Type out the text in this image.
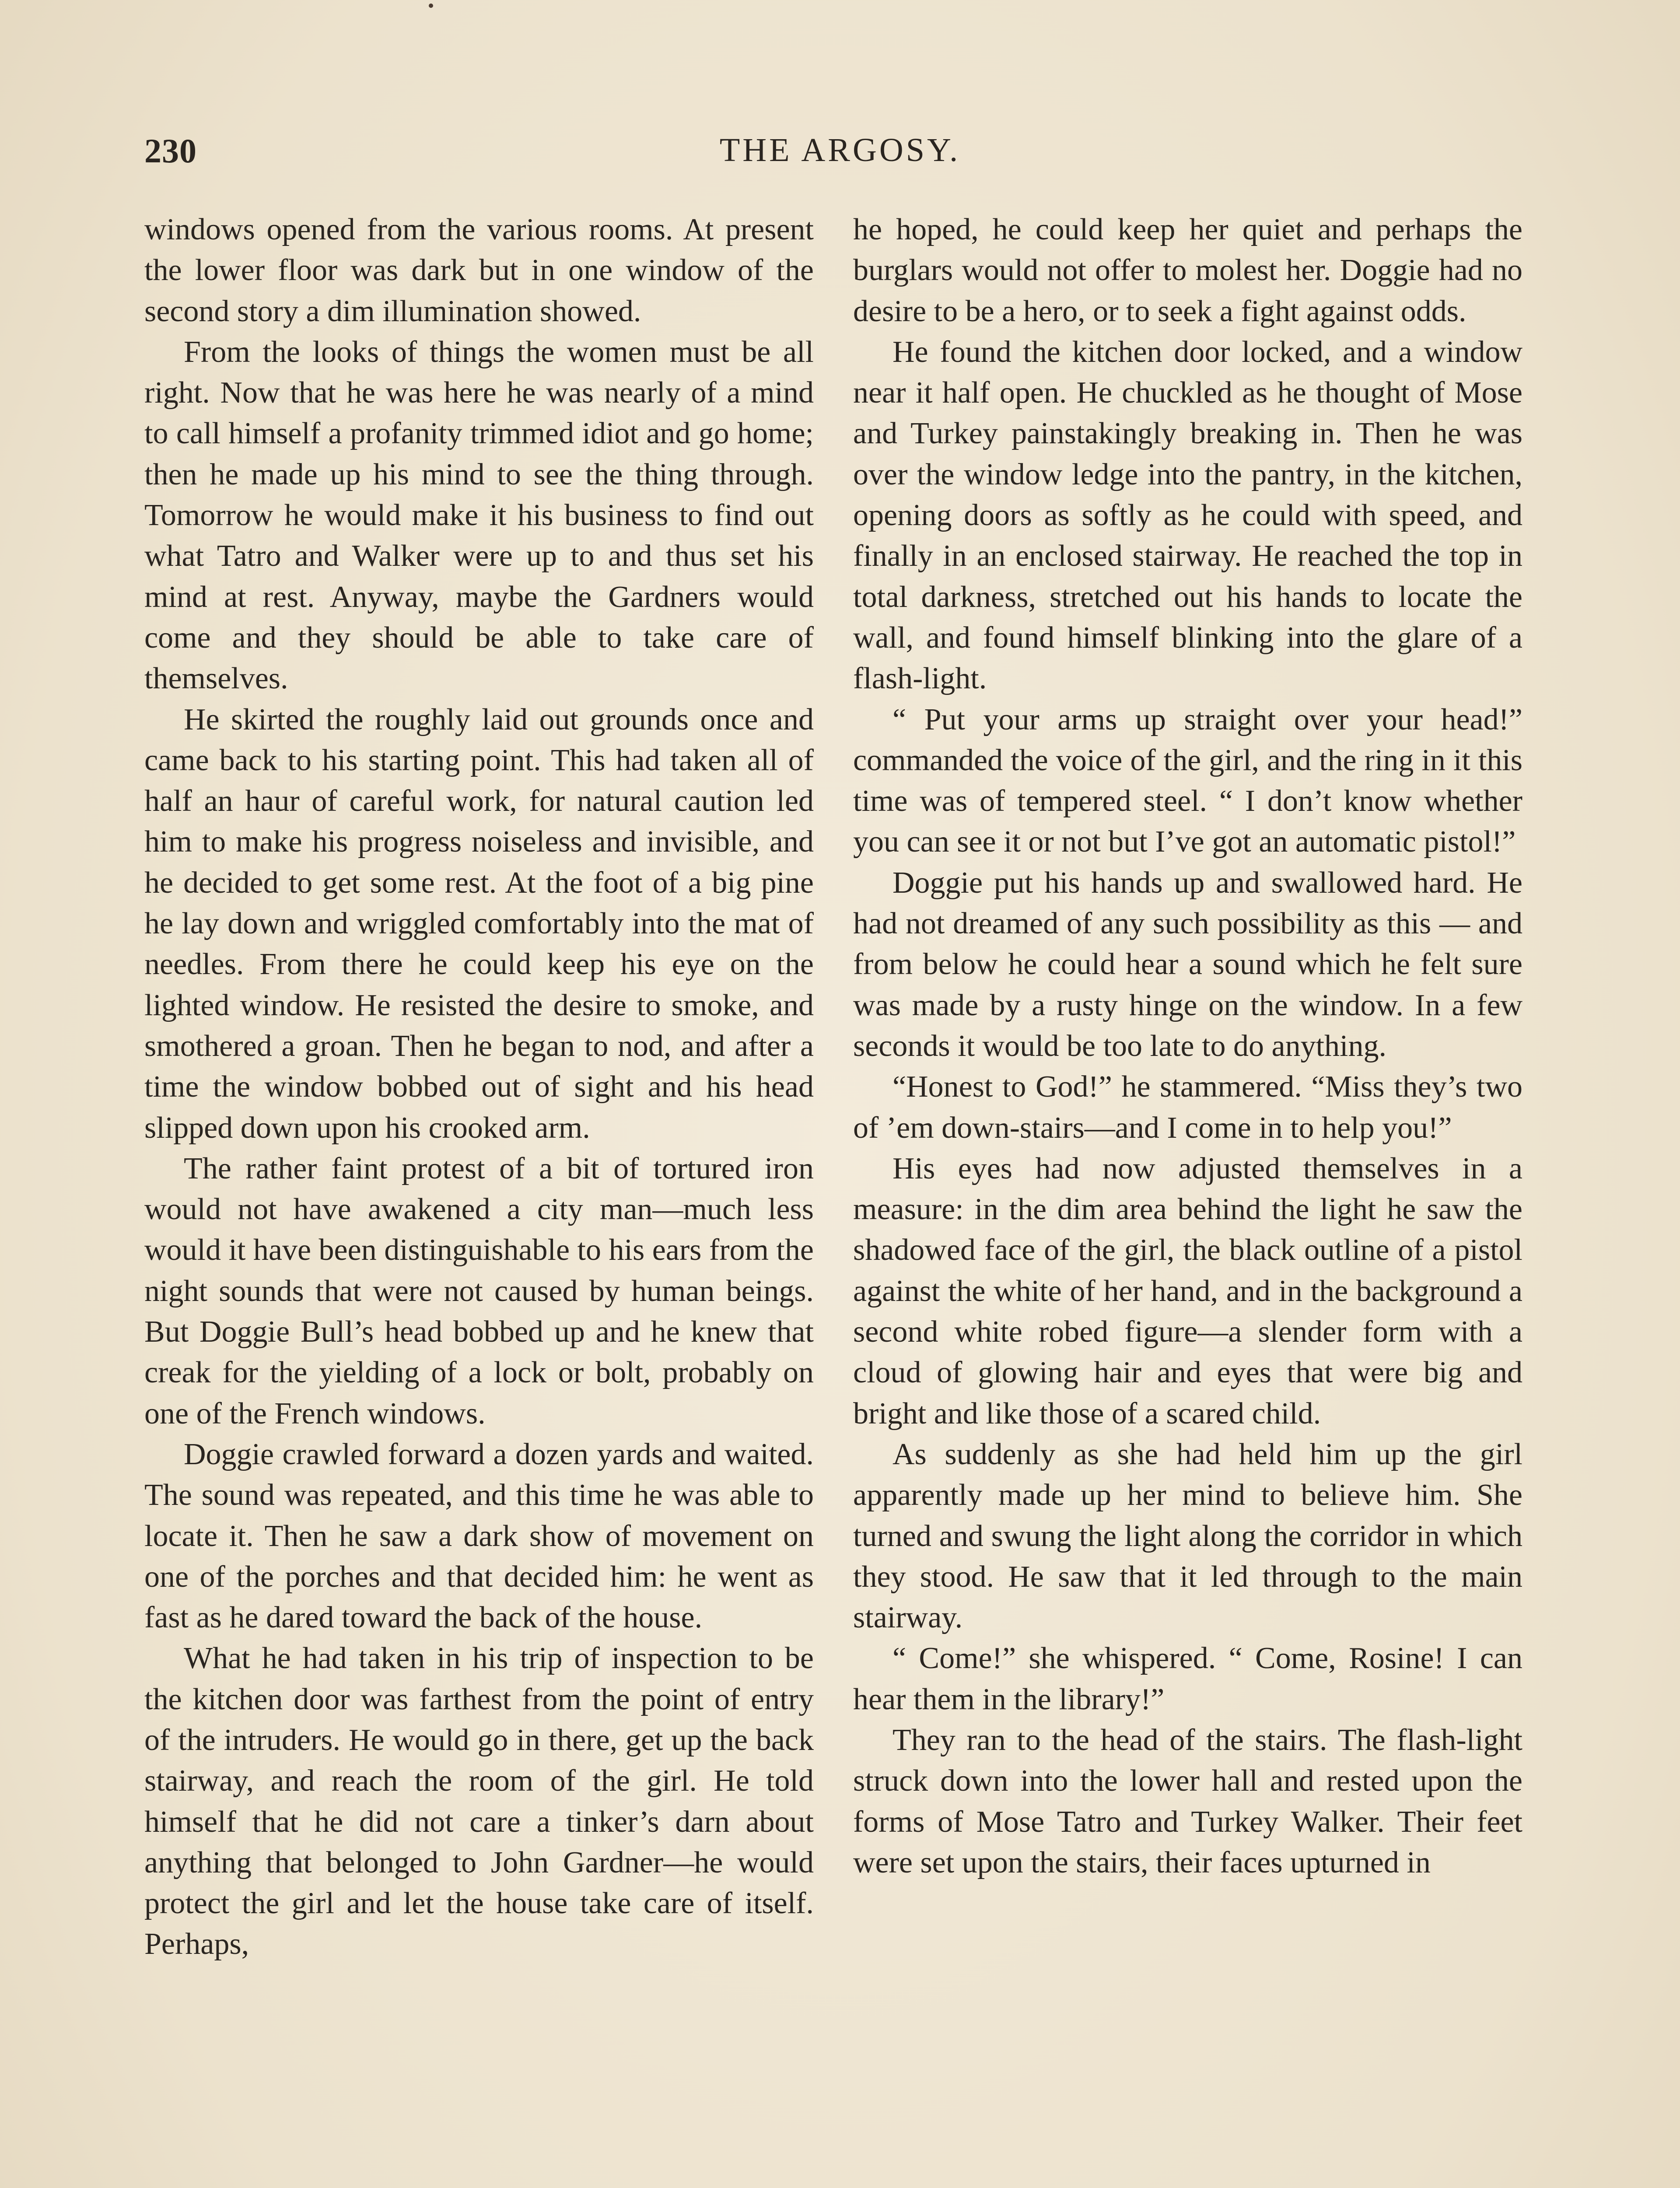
230	THE ARGOSY.

windows opened from the various rooms. At present the lower floor was dark but in one window of the second story a dim illumination showed.

From the looks of things the women must be all right. Now that he was here he was nearly of a mind to call himself a profanity trimmed idiot and go home; then he made up his mind to see the thing through. Tomorrow he would make it his business to find out what Tatro and Walker were up to and thus set his mind at rest. Anyway, maybe the Gardners would come and they should be able to take care of themselves.

He skirted the roughly laid out grounds once and came back to his starting point. This had taken all of half an haur of careful work, for natural caution led him to make his progress noiseless and invisible, and he decided to get some rest. At the foot of a big pine he lay down and wriggled comfortably into the mat of needles. From there he could keep his eye on the lighted window. He resisted the desire to smoke, and smothered a groan. Then he began to nod, and after a time the window bobbed out of sight and his head slipped down upon his crooked arm.

The rather faint protest of a bit of tortured iron would not have awakened a city man—much less would it have been distinguishable to his ears from the night sounds that were not caused by human beings. But Doggie Bull’s head bobbed up and he knew that creak for the yielding of a lock or bolt, probably on one of the French windows.

Doggie crawled forward a dozen yards and waited. The sound was repeated, and this time he was able to locate it. Then he saw a dark show of movement on one of the porches and that decided him: he went as fast as he dared toward the back of the house.

What he had taken in his trip of inspection to be the kitchen door was farthest from the point of entry of the intruders. He would go in there, get up the back stairway, and reach the room of the girl. He told himself that he did not care a tinker’s darn about anything that belonged to John Gardner—he would protect the girl and let the house take care of itself. Perhaps,

he hoped, he could keep her quiet and perhaps the burglars would not offer to molest her. Doggie had no desire to be a hero, or to seek a fight against odds.

He found the kitchen door locked, and a window near it half open. He chuckled as he thought of Mose and Turkey painstakingly breaking in. Then he was over the window ledge into the pantry, in the kitchen, opening doors as softly as he could with speed, and finally in an enclosed stairway. He reached the top in total darkness, stretched out his hands to locate the wall, and found himself blinking into the glare of a flash-light.

“ Put your arms up straight over your head!” commanded the voice of the girl, and the ring in it this time was of tempered steel. “ I don’t know whether you can see it or not but I’ve got an automatic pistol!”

Doggie put his hands up and swallowed hard. He had not dreamed of any such possibility as this — and from below he could hear a sound which he felt sure was made by a rusty hinge on the window. In a few seconds it would be too late to do anything.

“Honest to God!” he stammered. “Miss they’s two of ’em down-stairs—and I come in to help you!”

His eyes had now adjusted themselves in a measure: in the dim area behind the light he saw the shadowed face of the girl, the black outline of a pistol against the white of her hand, and in the background a second white robed figure—a slender form with a cloud of glowing hair and eyes that were big and bright and like those of a scared child.

As suddenly as she had held him up the girl apparently made up her mind to believe him. She turned and swung the light along the corridor in which they stood. He saw that it led through to the main stairway.

“ Come!” she whispered. “ Come, Rosine! I can hear them in the library!”

They ran to the head of the stairs. The flash-light struck down into the lower hall and rested upon the forms of Mose Tatro and Turkey Walker. Their feet were set upon the stairs, their faces upturned in
